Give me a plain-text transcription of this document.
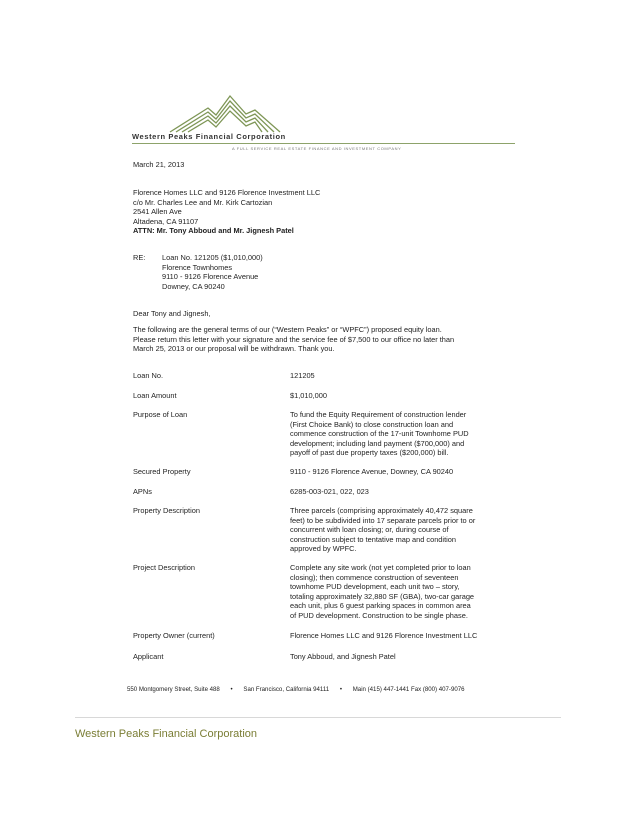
Western Peaks Financial Corporation
A FULL SERVICE REAL ESTATE FINANCE AND INVESTMENT COMPANY
March 21, 2013
Florence Homes LLC and 9126 Florence Investment LLC
c/o Mr. Charles Lee and Mr. Kirk Cartozian
2541 Allen Ave
Altadena, CA 91107
ATTN: Mr. Tony Abboud and Mr. Jignesh Patel
RE: Loan No. 121205 ($1,010,000)
Florence Townhomes
9110 - 9126 Florence Avenue
Downey, CA 90240
Dear Tony and Jignesh,
The following are the general terms of our (“Western Peaks” or “WPFC”) proposed equity loan.
Please return this letter with your signature and the service fee of $7,500 to our office no later than
March 25, 2013 or our proposal will be withdrawn. Thank you.
Loan No.	121205
Loan Amount	$1,010,000
Purpose of Loan	To fund the Equity Requirement of construction lender
(First Choice Bank) to close construction loan and
commence construction of the 17-unit Townhome PUD
development; including land payment ($700,000) and
payoff of past due property taxes ($200,000) bill.
Secured Property	9110 - 9126 Florence Avenue, Downey, CA 90240
APNs	6285-003-021, 022, 023
Property Description	Three parcels (comprising approximately 40,472 square
feet) to be subdivided into 17 separate parcels prior to or
concurrent with loan closing; or, during course of
construction subject to tentative map and condition
approved by WPFC.
Project Description	Complete any site work (not yet completed prior to loan
closing); then commence construction of seventeen
townhome PUD development, each unit two – story,
totaling approximately 32,880 SF (GBA), two-car garage
each unit, plus 6 guest parking spaces in common area
of PUD development. Construction to be single phase.
Property Owner (current)	Florence Homes LLC and 9126 Florence Investment LLC
Applicant	Tony Abboud, and Jignesh Patel
550 Montgomery Street, Suite 488 • San Francisco, California 94111 • Main (415) 447-1441 Fax (800) 407-9076
Western Peaks Financial Corporation
